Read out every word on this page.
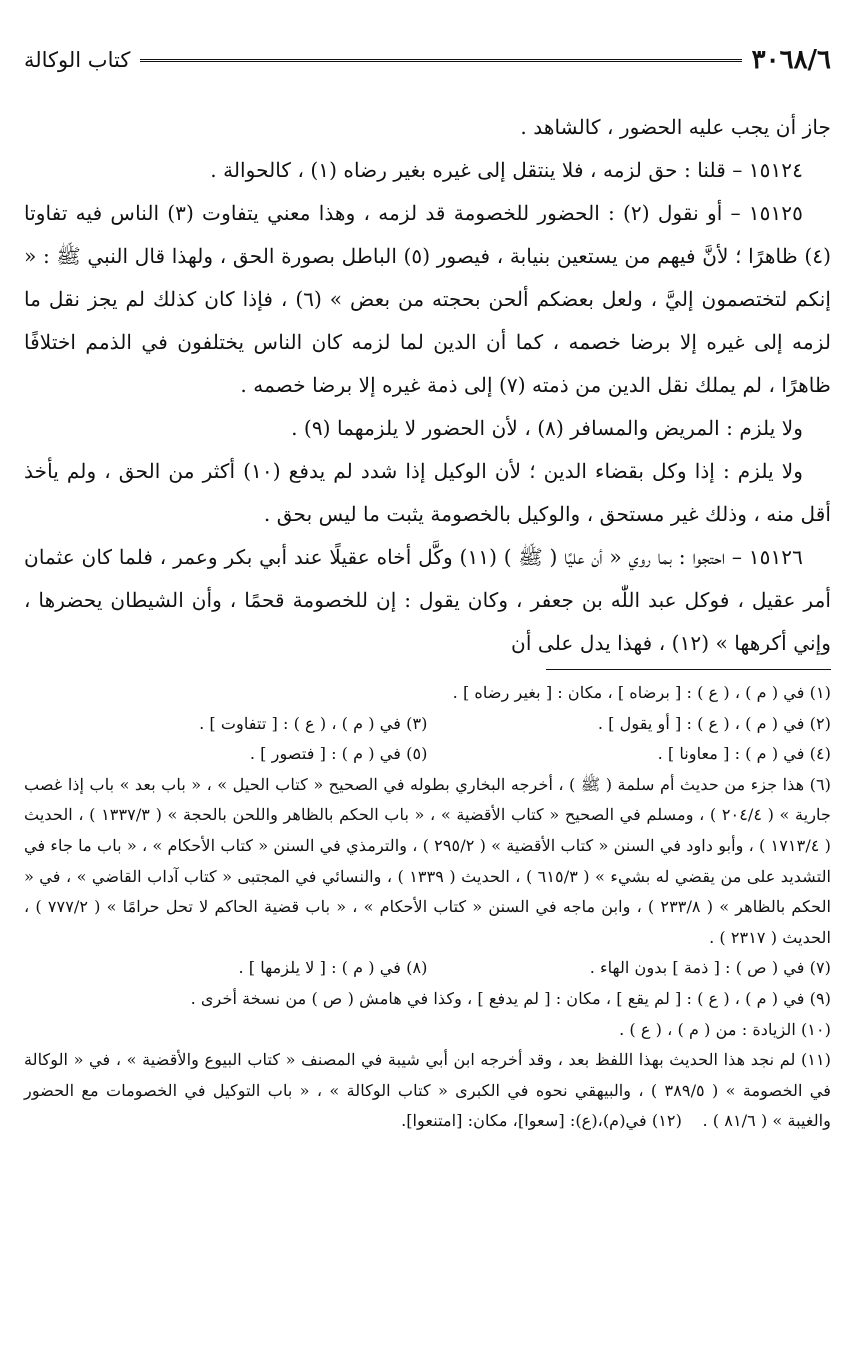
٣٠٦٨/٦
كتاب الوكالة

جاز أن يجب عليه الحضور ، كالشاهد .

١٥١٢٤ – قلنا : حق لزمه ، فلا ينتقل إلى غيره بغير رضاه (١) ، كالحوالة .

١٥١٢٥ – أو نقول (٢) : الحضور للخصومة قد لزمه ، وهذا معني يتفاوت (٣) الناس فيه تفاوتا (٤) ظاهرًا ؛ لأنَّ فيهم من يستعين بنيابة ، فيصور (٥) الباطل بصورة الحق ، ولهذا قال النبي ﷺ : « إنكم لتختصمون إليَّ ، ولعل بعضكم ألحن بحجته من بعض » (٦) ، فإذا كان كذلك لم يجز نقل ما لزمه إلى غيره إلا برضا خصمه ، كما أن الدين لما لزمه كان الناس يختلفون في الذمم اختلافًا ظاهرًا ، لم يملك نقل الدين من ذمته (٧) إلى ذمة غيره إلا برضا خصمه .

ولا يلزم : المريض والمسافر (٨) ، لأن الحضور لا يلزمهما (٩) .

ولا يلزم : إذا وكل بقضاء الدين ؛ لأن الوكيل إذا شدد لم يدفع (١٠) أكثر من الحق ، ولم يأخذ أقل منه ، وذلك غير مستحق ، والوكيل بالخصومة يثبت ما ليس بحق .

١٥١٢٦ – احتجوا : بما روي « أن عليًا ( ﷺ ) (١١) وكَّل أخاه عقيلًا عند أبي بكر وعمر ، فلما كان عثمان أمر عقيل ، فوكل عبد اللّٰه بن جعفر ، وكان يقول : إن للخصومة قحمًا ، وأن الشيطان يحضرها ، وإني أكرهها » (١٢) ، فهذا يدل على أن

(١) في ( م ) ، ( ع ) : [ برضاه ] ، مكان : [ بغير رضاه ] .

(٢) في ( م ) ، ( ع ) : [ أو يقول ] .
(٣) في ( م ) ، ( ع ) : [ تتفاوت ] .
(٤) في ( م ) : [ معاونا ] .
(٥) في ( م ) : [ فتصور ] .

(٦) هذا جزء من حديث أم سلمة ( ﷺ ) ، أخرجه البخاري بطوله في الصحيح « كتاب الحيل » ، « باب بعد » باب إذا غصب جارية » ( ٢٠٤/٤ ) ، ومسلم في الصحيح « كتاب الأقضية » ، « باب الحكم بالظاهر واللحن بالحجة » ( ١٣٣٧/٣ ) ، الحديث ( ١٧١٣/٤ ) ، وأبو داود في السنن « كتاب الأقضية » ( ٢٩٥/٢ ) ، والترمذي في السنن « كتاب الأحكام » ، « باب ما جاء في التشديد على من يقضي له بشيء » ( ٦١٥/٣ ) ، الحديث ( ١٣٣٩ ) ، والنسائي في المجتبى « كتاب آداب القاضي » ، في « الحكم بالظاهر » ( ٢٣٣/٨ ) ، وابن ماجه في السنن « كتاب الأحكام » ، « باب قضية الحاكم لا تحل حرامًا » ( ٧٧٧/٢ ) ، الحديث ( ٢٣١٧ ) .

(٧) في ( ص ) : [ ذمة ] بدون الهاء .
(٨) في ( م ) : [ لا يلزمها ] .

(٩) في ( م ) ، ( ع ) : [ لم يقع ] ، مكان : [ لم يدفع ] ، وكذا في هامش ( ص ) من نسخة أخرى .

(١٠) الزيادة : من ( م ) ، ( ع ) .

(١١) لم نجد هذا الحديث بهذا اللفظ بعد ، وقد أخرجه ابن أبي شيبة في المصنف « كتاب البيوع والأقضية » ، في « الوكالة في الخصومة » ( ٣٨٩/٥ ) ، والبيهقي نحوه في الكبرى « كتاب الوكالة » ، « باب التوكيل في الخصومات مع الحضور والغيبة » ( ٨١/٦ ) .    (١٢) في(م)،(ع): [سعوا]، مكان: [امتنعوا].
